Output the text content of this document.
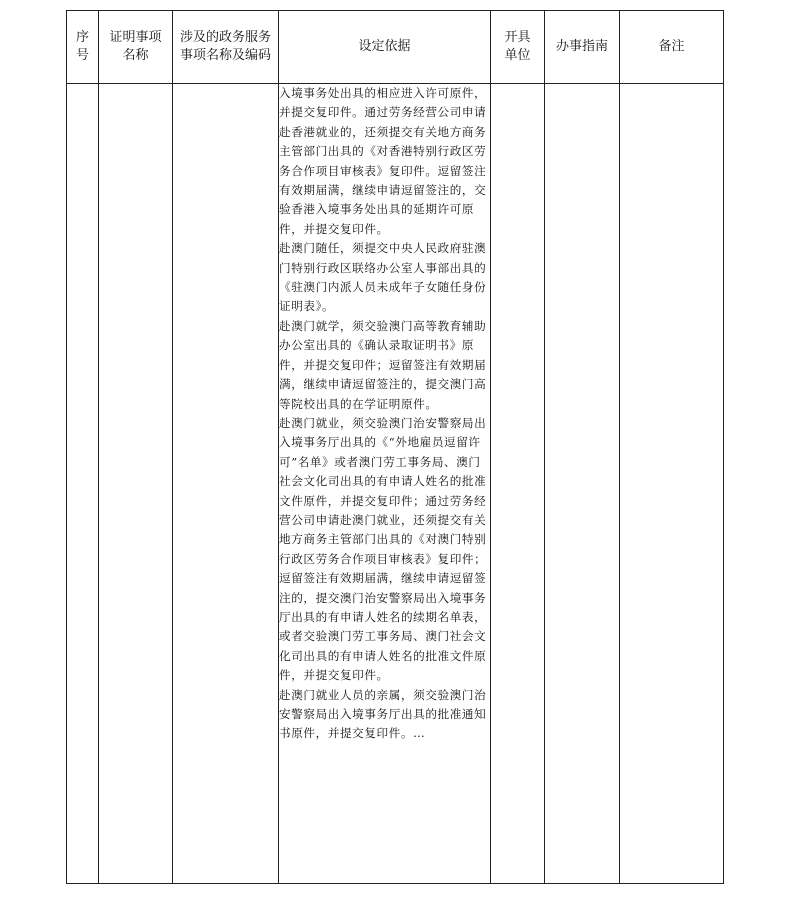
序号	证明事项名称	涉及的政务服务事项名称及编码	设定依据	开具单位	办事指南	备注

			入境事务处出具的相应进入许可原件，并提交复印件。通过劳务经营公司申请赴香港就业的，还须提交有关地方商务主管部门出具的《对香港特别行政区劳务合作项目审核表》复印件。逗留签注有效期届满，继续申请逗留签注的，交验香港入境事务处出具的延期许可原件，并提交复印件。

赴澳门随任，须提交中央人民政府驻澳门特别行政区联络办公室人事部出具的《驻澳门内派人员未成年子女随任身份证明表》。

赴澳门就学，须交验澳门高等教育辅助办公室出具的《确认录取证明书》原件，并提交复印件；逗留签注有效期届满，继续申请逗留签注的，提交澳门高等院校出具的在学证明原件。

赴澳门就业，须交验澳门治安警察局出入境事务厅出具的《“外地雇员逗留许可”名单》或者澳门劳工事务局、澳门社会文化司出具的有申请人姓名的批准文件原件，并提交复印件；通过劳务经营公司申请赴澳门就业，还须提交有关地方商务主管部门出具的《对澳门特别行政区劳务合作项目审核表》复印件；逗留签注有效期届满，继续申请逗留签注的，提交澳门治安警察局出入境事务厅出具的有申请人姓名的续期名单表，或者交验澳门劳工事务局、澳门社会文化司出具的有申请人姓名的批准文件原件，并提交复印件。

赴澳门就业人员的亲属，须交验澳门治安警察局出入境事务厅出具的批准通知书原件，并提交复印件。…			
